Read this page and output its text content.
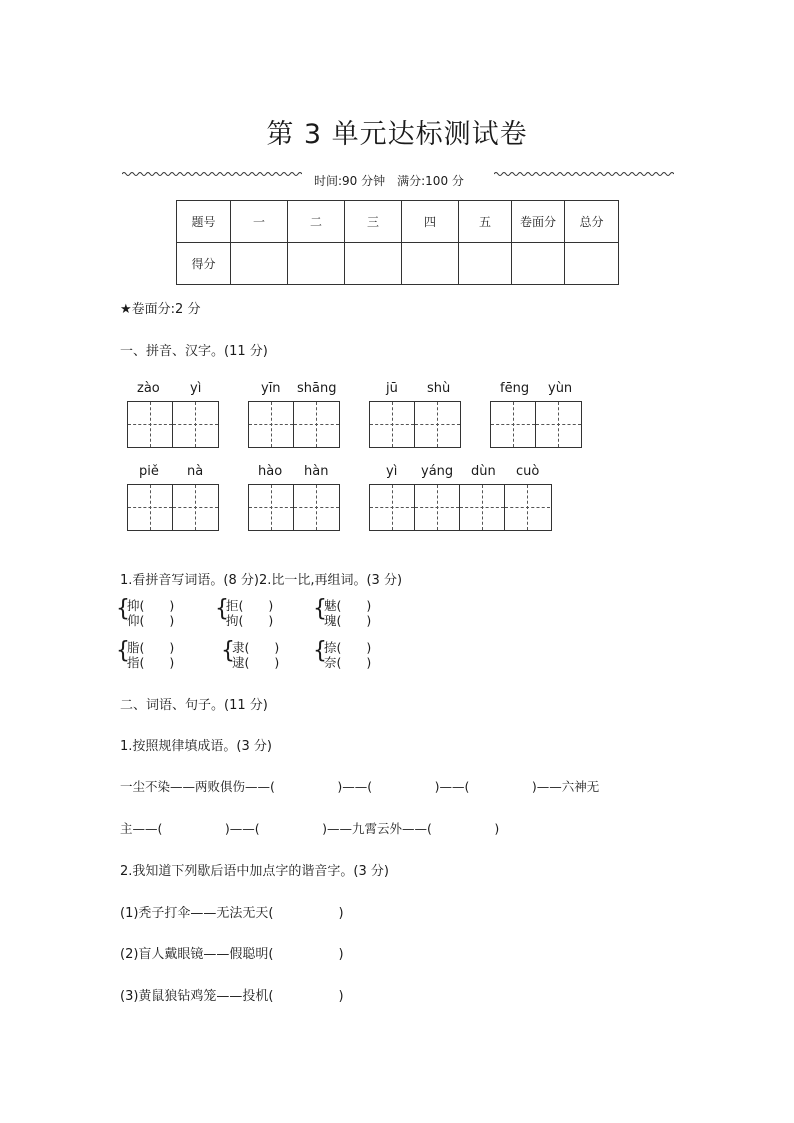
第 3 单元达标测试卷
时间:90 分钟　满分:100 分
题号	一	二	三	四	五	卷面分	总分
得分							
★卷面分:2 分
一、拼音、汉字。(11 分)
zào yì	yīn shāng	jū shù	fēng yùn
piě nà	hào hàn	yì yáng dùn cuò
1.看拼音写词语。(8 分)2.比一比,再组词。(3 分)
{
抑(　　)
仰(　　) {
拒(　　)
拘(　　) {
魅(　　)
瑰(　　)
{
脂(　　)
指(　　) {
隶(　　)
逮(　　) {
捺(　　)
奈(　　)
二、词语、句子。(11 分)
1.按照规律填成语。(3 分)
一尘不染——两败俱伤——(　　　　　)——(　　　　　)——(　　　　　)——六神无
主——(　　　　　)——(　　　　　)——九霄云外——(　　　　　)
2.我知道下列歇后语中加点字的谐音字。(3 分)
(1)秃子打伞——无法无天(　　　　　)
(2)盲人戴眼镜——假聪明(　　　　　)
(3)黄鼠狼钻鸡笼——投机(　　　　　)
